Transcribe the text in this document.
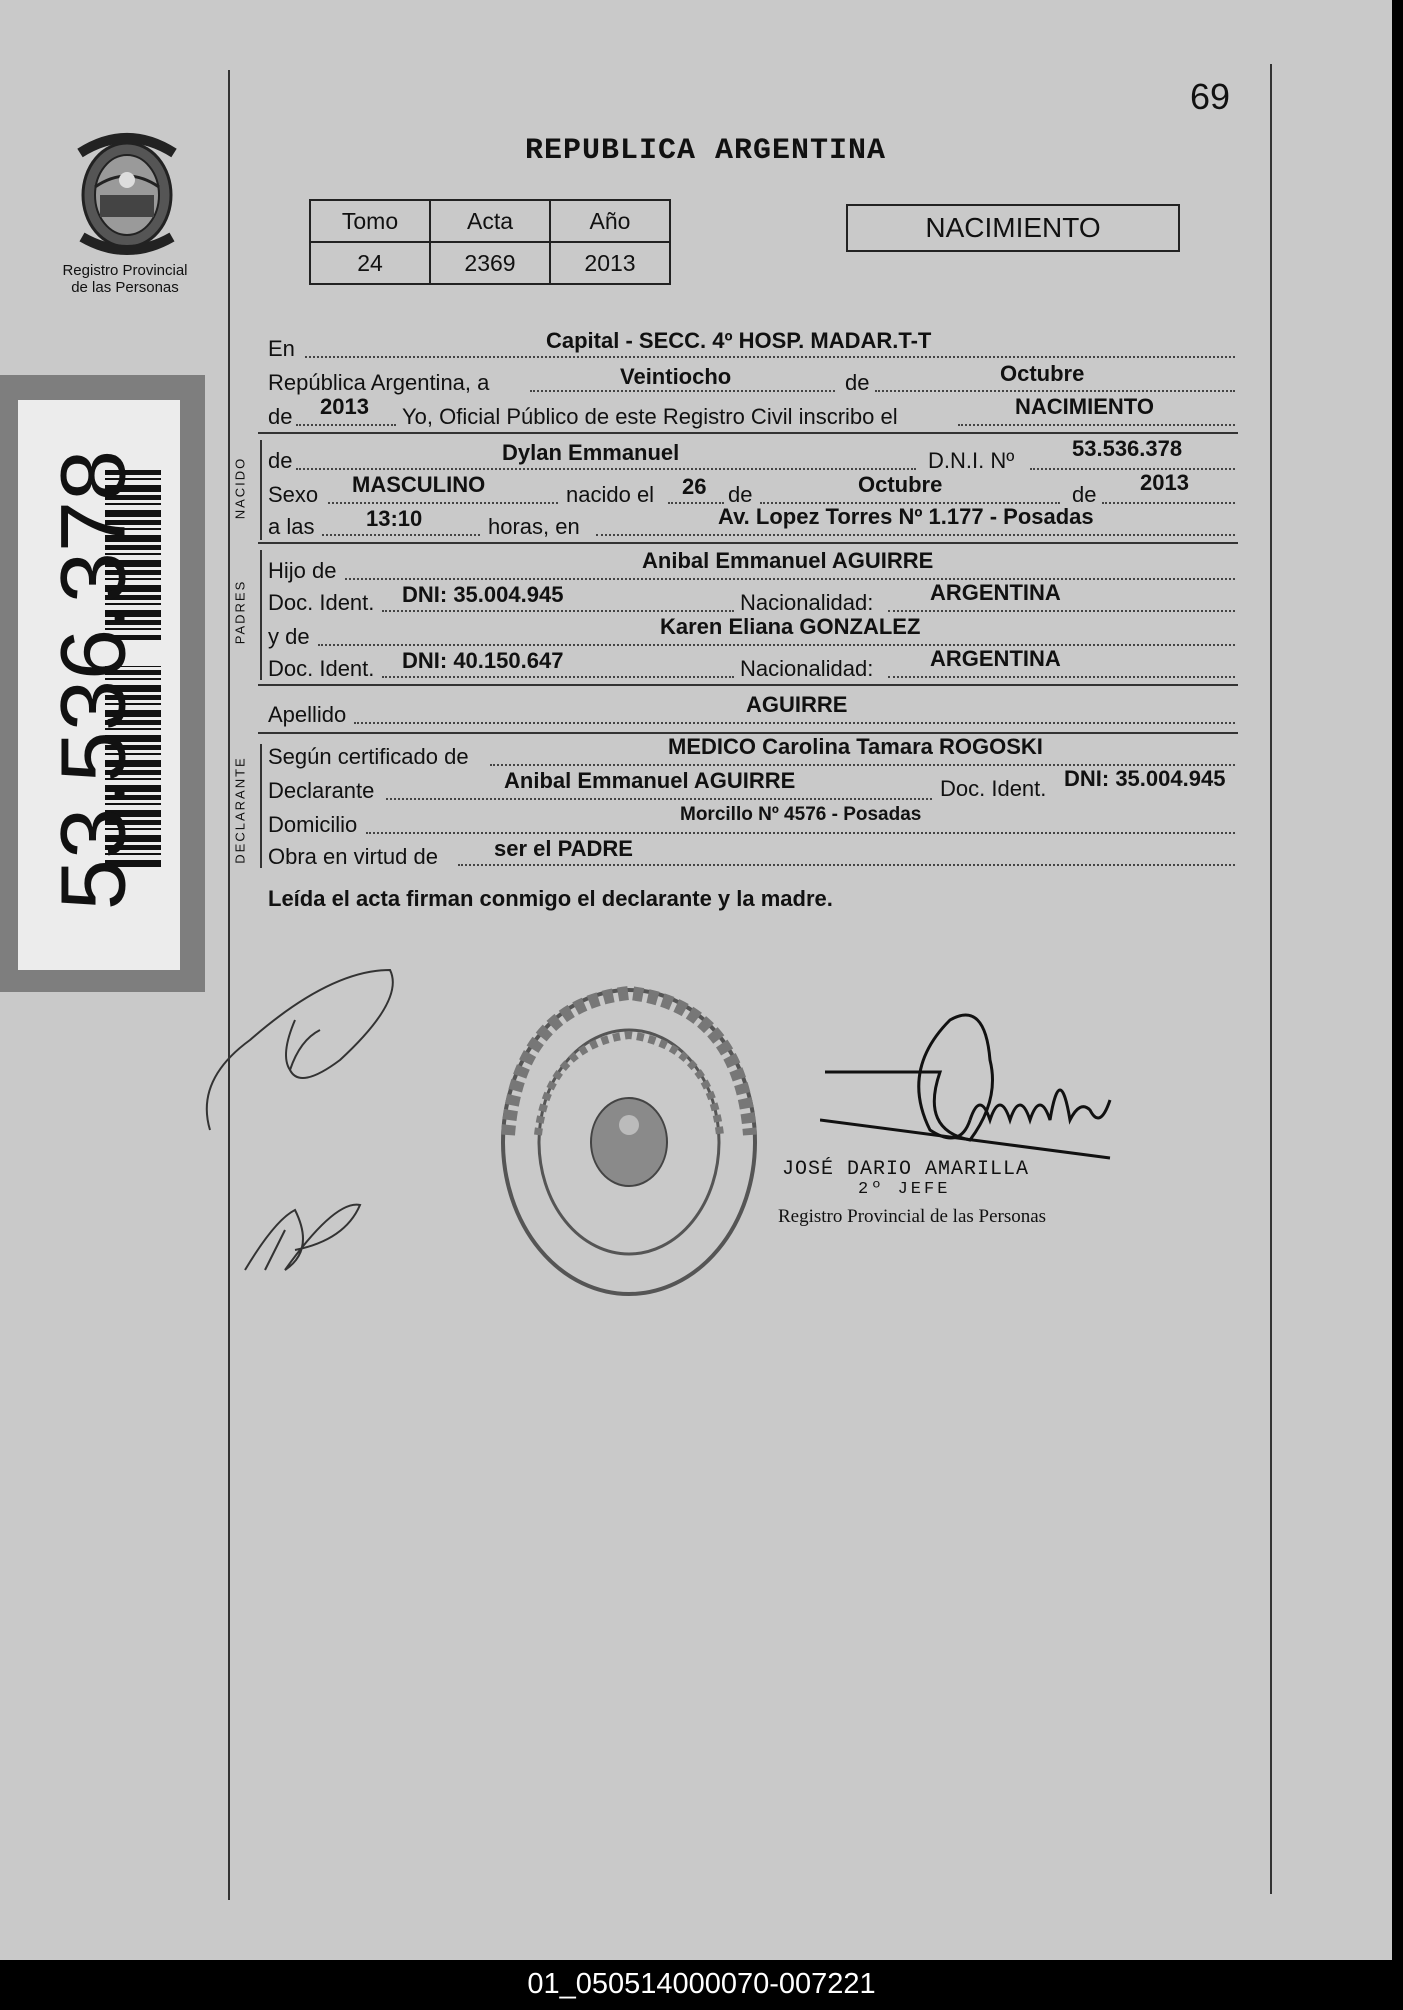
Registro Provincial
de las Personas
53.536.378
69
REPUBLICA ARGENTINA
Tomo	Acta	Año
24	2369	2013
NACIMIENTO
En	Capital - SECC. 4º HOSP. MADAR.T-T
República Argentina, a	Veintiocho	de	Octubre
de 2013 Yo, Oficial Público de este Registro Civil inscribo el	NACIMIENTO
NACIDO de	Dylan Emmanuel	D.N.I. Nº	53.536.378
Sexo MASCULINO	nacido el 26 de	Octubre	de 2013
a las 13:10	horas, en	Av. Lopez Torres Nº 1.177 - Posadas
PADRES
Hijo de	Anibal Emmanuel AGUIRRE
Doc. Ident. DNI: 35.004.945	Nacionalidad:	ARGENTINA
y de	Karen Eliana GONZALEZ
Doc. Ident. DNI: 40.150.647	Nacionalidad:	ARGENTINA
Apellido	AGUIRRE
DECLARANTE Según certificado de	MEDICO Carolina Tamara ROGOSKI
Declarante	Anibal Emmanuel AGUIRRE	Doc. Ident. DNI: 35.004.945
Domicilio	Morcillo Nº 4576 - Posadas
Obra en virtud de	ser el PADRE
Leída el acta firman conmigo el declarante y la madre.
JOSÉ DARIO AMARILLA
2º JEFE
Registro Provincial de las Personas
01_050514000070-007221
